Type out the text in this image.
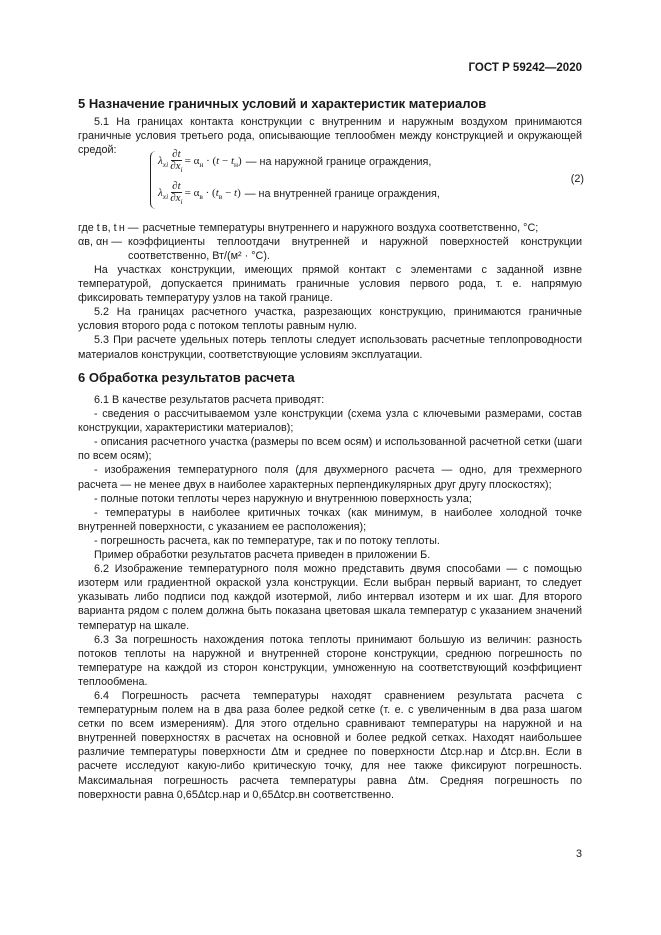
ГОСТ Р 59242—2020
5 Назначение граничных условий и характеристик материалов

5.1 На границах контакта конструкции с внутренним и наружным воздухом принимаются граничные условия третьего рода, описывающие теплообмен между конструкцией и окружающей средой:

$\lambda_{xi} \frac{\partial t}{\partial x_i} = \alpha_н \cdot (t - t_н)$ — на наружной границе ограждения,
$\lambda_{xi} \frac{\partial t}{\partial x_i} = \alpha_в \cdot (t_в - t)$ — на внутренней границе ограждения,
(2)
где t в, t н — расчетные температуры внутреннего и наружного воздуха соответственно, °С;
αв, αн — коэффициенты теплоотдачи внутренней и наружной поверхностей конструкции соответственно, Вт/(м² · °С).

На участках конструкции, имеющих прямой контакт с элементами с заданной извне температурой, допускается принимать граничные условия первого рода, т. е. напрямую фиксировать температуру узлов на такой границе.

5.2 На границах расчетного участка, разрезающих конструкцию, принимаются граничные условия второго рода с потоком теплоты равным нулю.

5.3 При расчете удельных потерь теплоты следует использовать расчетные теплопроводности материалов конструкции, соответствующие условиям эксплуатации.

6 Обработка результатов расчета

6.1 В качестве результатов расчета приводят:

- сведения о рассчитываемом узле конструкции (схема узла с ключевыми размерами, состав конструкции, характеристики материалов);

- описания расчетного участка (размеры по всем осям) и использованной расчетной сетки (шаги по всем осям);

- изображения температурного поля (для двухмерного расчета — одно, для трехмерного расчета — не менее двух в наиболее характерных перпендикулярных друг другу плоскостях);

- полные потоки теплоты через наружную и внутреннюю поверхность узла;

- температуры в наиболее критичных точках (как минимум, в наиболее холодной точке внутренней поверхности, с указанием ее расположения);

- погрешность расчета, как по температуре, так и по потоку теплоты.

Пример обработки результатов расчета приведен в приложении Б.

6.2 Изображение температурного поля можно представить двумя способами — с помощью изотерм или градиентной окраской узла конструкции. Если выбран первый вариант, то следует указывать либо подписи под каждой изотермой, либо интервал изотерм и их шаг. Для второго варианта рядом с полем должна быть показана цветовая шкала температур с указанием значений температур на шкале.

6.3 За погрешность нахождения потока теплоты принимают большую из величин: разность потоков теплоты на наружной и внутренней стороне конструкции, среднюю погрешность по температуре на каждой из сторон конструкции, умноженную на соответствующий коэффициент теплообмена.

6.4 Погрешность расчета температуры находят сравнением результата расчета с температурным полем на в два раза более редкой сетке (т. е. с увеличенным в два раза шагом сетки по всем измерениям). Для этого отдельно сравнивают температуры на наружной и на внутренней поверхностях в расчетах на основной и более редкой сетках. Находят наибольшее различие температуры поверхности Δtм и среднее по поверхности Δtср.нар и Δtср.вн. Если в расчете исследуют какую-либо критическую точку, для нее также фиксируют погрешность. Максимальная погрешность расчета температуры равна Δtм. Средняя погрешность по поверхности равна 0,65Δtср.нар и 0,65Δtср.вн соответственно.

3
